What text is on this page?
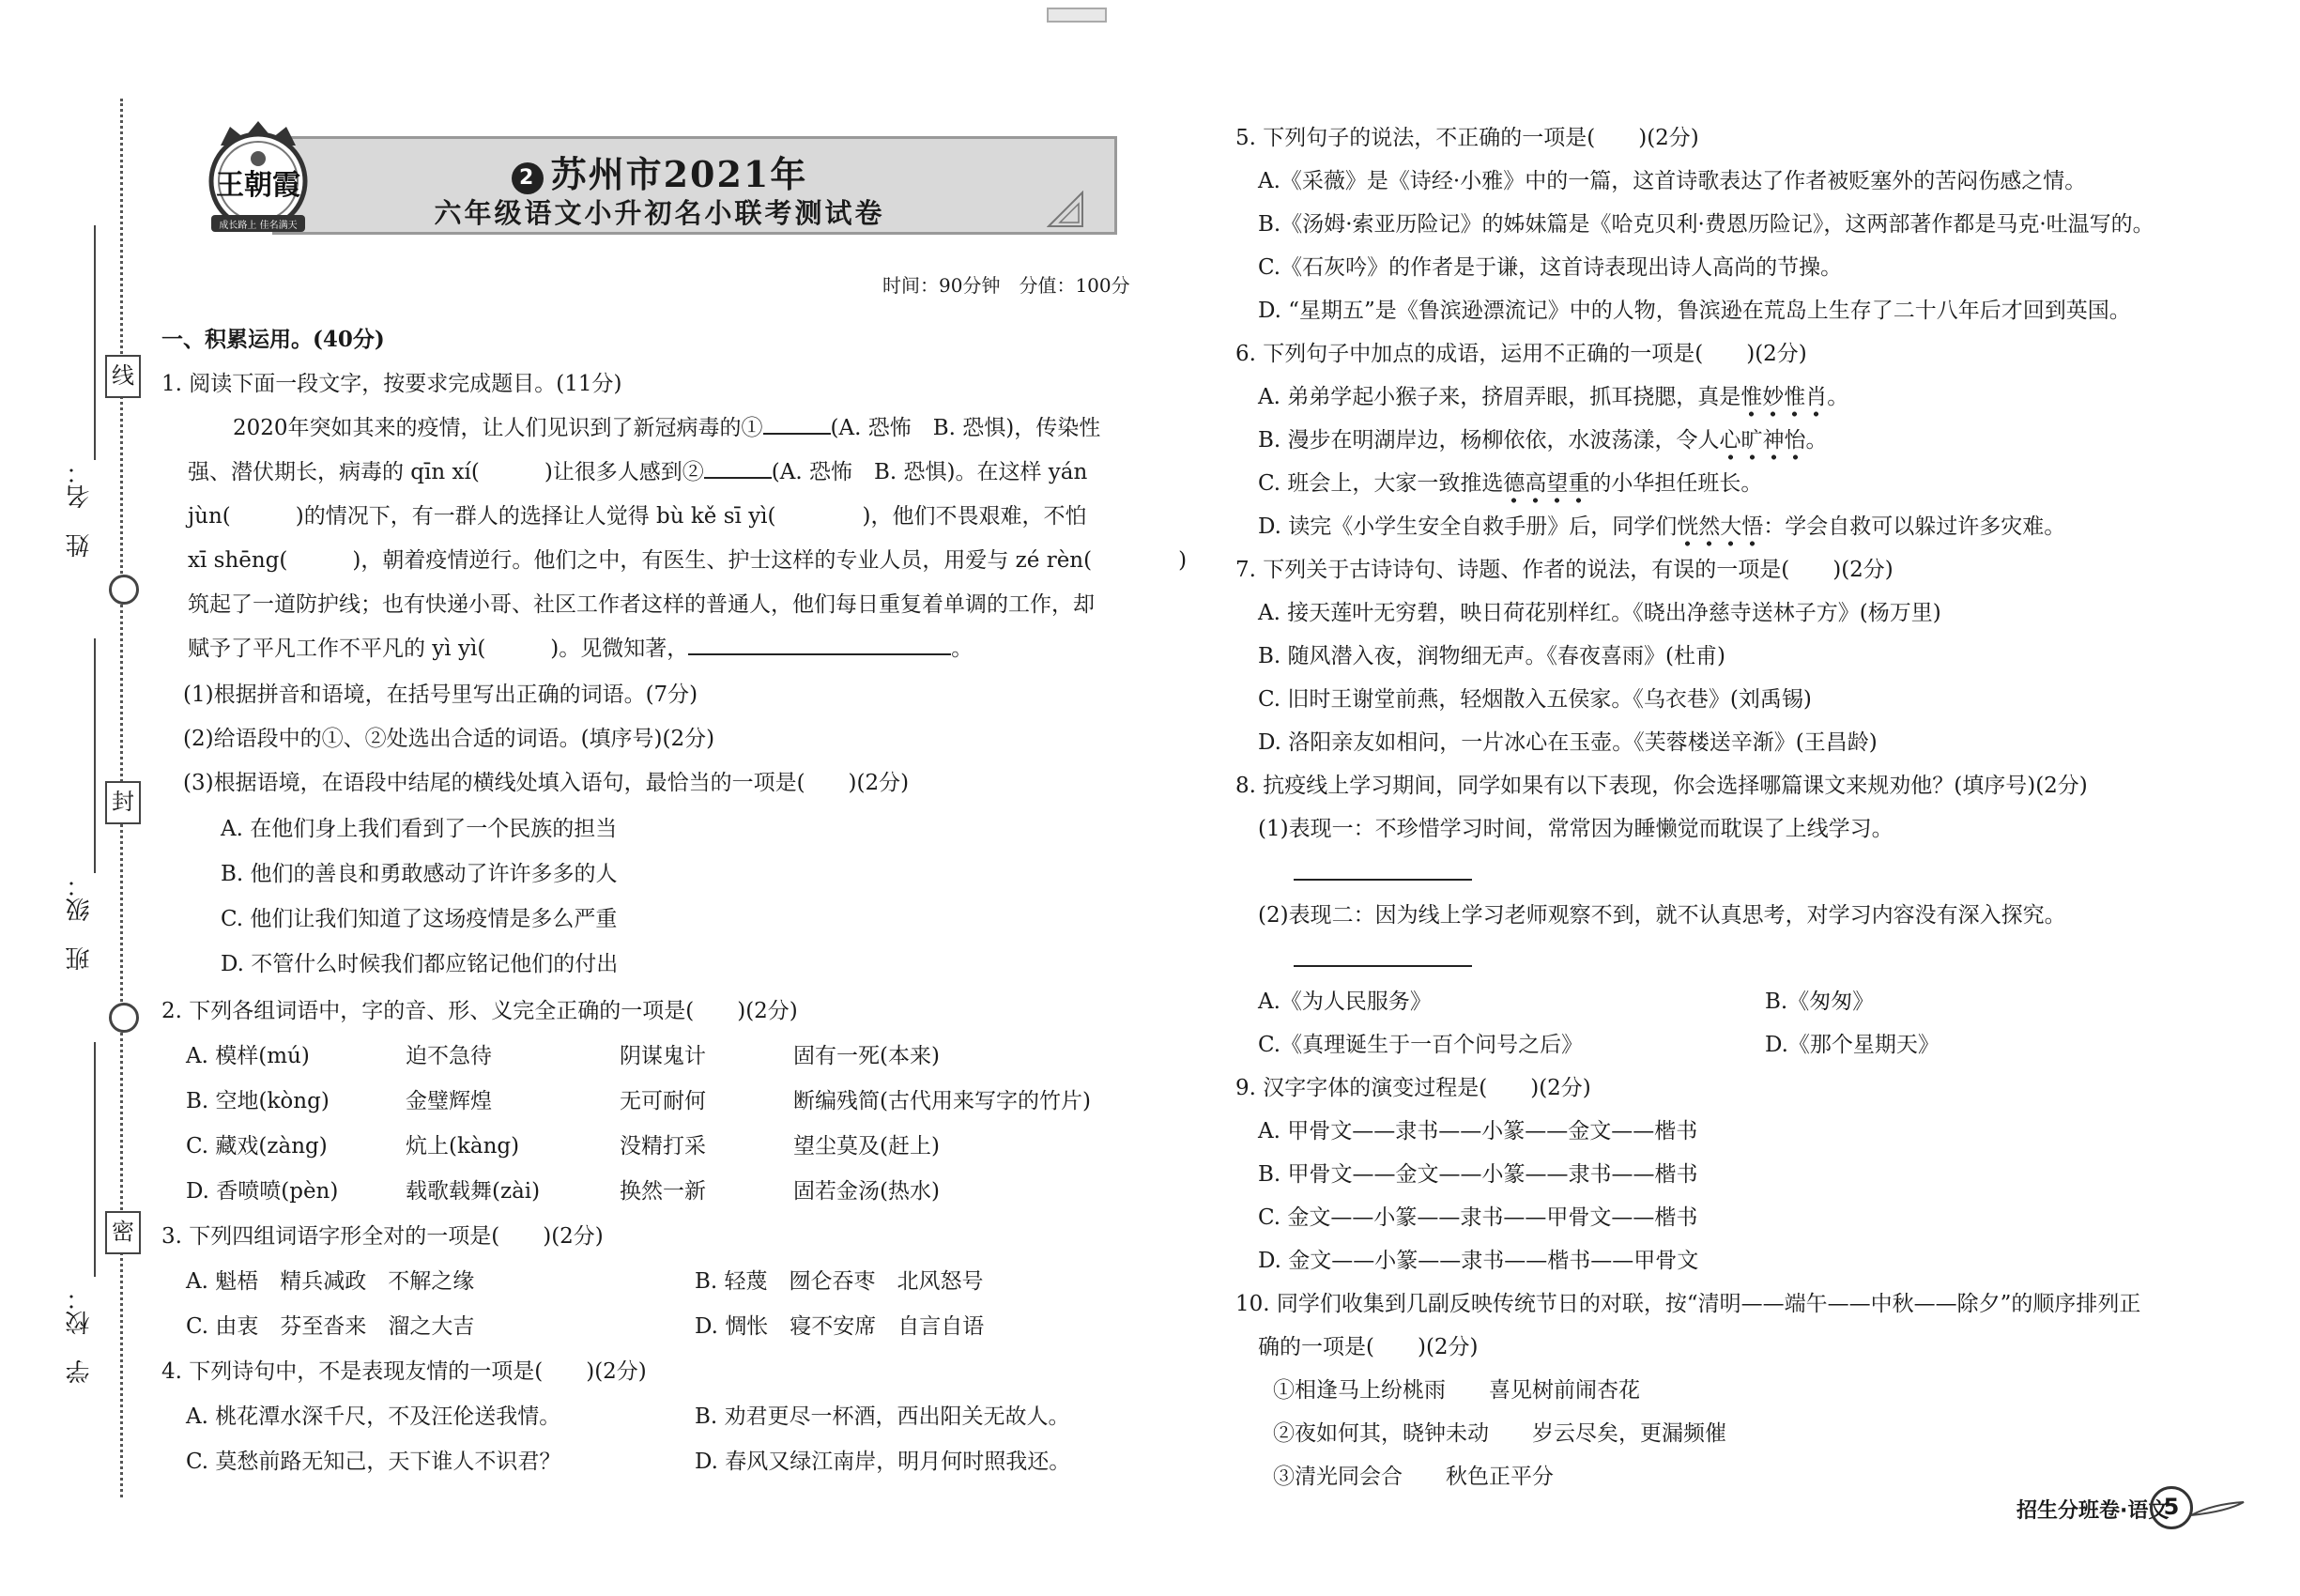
线
封
密
姓　名：
班　级：
学　校：
王朝霞
成长路上 佳名满天
2 苏州市2021年
六年级语文小升初名小联考测试卷
时间：90分钟　分值：100分
一、积累运用。(40分)
1. 阅读下面一段文字，按要求完成题目。(11分)
2020年突如其来的疫情，让人们见识到了新冠病毒的①	(A. 恐怖　B. 恐惧)，传染性
强、潜伏期长，病毒的 qīn xí(　　　)让很多人感到②	(A. 恐怖　B. 恐惧)。在这样 yán
jùn(　　　)的情况下，有一群人的选择让人觉得 bù kě sī yì(　　　　)，他们不畏艰难，不怕
xī shēng(　　　)，朝着疫情逆行。他们之中，有医生、护士这样的专业人员，用爱与 zé rèn(　　　　)
筑起了一道防护线；也有快递小哥、社区工作者这样的普通人，他们每日重复着单调的工作，却
赋予了平凡工作不平凡的 yì yì(　　　)。见微知著，	。
(1)根据拼音和语境，在括号里写出正确的词语。(7分)
(2)给语段中的①、②处选出合适的词语。(填序号)(2分)
(3)根据语境，在语段中结尾的横线处填入语句，最恰当的一项是(　　)(2分)
A. 在他们身上我们看到了一个民族的担当
B. 他们的善良和勇敢感动了许许多多的人
C. 他们让我们知道了这场疫情是多么严重
D. 不管什么时候我们都应铭记他们的付出
2. 下列各组词语中，字的音、形、义完全正确的一项是(　　)(2分)
A. 模样(mú)	迫不急待	阴谋鬼计	固有一死(本来)
B. 空地(kòng)	金璧辉煌	无可耐何	断编残简(古代用来写字的竹片)
C. 藏戏(zàng)	炕上(kàng)	没精打采	望尘莫及(赶上)
D. 香喷喷(pèn)	载歌载舞(zài)	换然一新	固若金汤(热水)
3. 下列四组词语字形全对的一项是(　　)(2分)
A. 魁梧　精兵减政　不解之缘	B. 轻蔑　囫仑吞枣　北风怒号
C. 由衷　芬至沓来　溜之大吉	D. 惆怅　寝不安席　自言自语
4. 下列诗句中，不是表现友情的一项是(　　)(2分)
A. 桃花潭水深千尺，不及汪伦送我情。	B. 劝君更尽一杯酒，西出阳关无故人。
C. 莫愁前路无知己，天下谁人不识君？	D. 春风又绿江南岸，明月何时照我还。
5. 下列句子的说法，不正确的一项是(　　)(2分)
A.《采薇》是《诗经·小雅》中的一篇，这首诗歌表达了作者被贬塞外的苦闷伤感之情。
B.《汤姆·索亚历险记》的姊妹篇是《哈克贝利·费恩历险记》，这两部著作都是马克·吐温写的。
C.《石灰吟》的作者是于谦，这首诗表现出诗人高尚的节操。
D. “星期五”是《鲁滨逊漂流记》中的人物，鲁滨逊在荒岛上生存了二十八年后才回到英国。
6. 下列句子中加点的成语，运用不正确的一项是(　　)(2分)
A. 弟弟学起小猴子来，挤眉弄眼，抓耳挠腮，真是惟妙惟肖。
B. 漫步在明湖岸边，杨柳依依，水波荡漾，令人心旷神怡。
C. 班会上，大家一致推选德高望重的小华担任班长。
D. 读完《小学生安全自救手册》后，同学们恍然大悟：学会自救可以躲过许多灾难。
7. 下列关于古诗诗句、诗题、作者的说法，有误的一项是(　　)(2分)
A. 接天莲叶无穷碧，映日荷花别样红。《晓出净慈寺送林子方》(杨万里)
B. 随风潜入夜，润物细无声。《春夜喜雨》(杜甫)
C. 旧时王谢堂前燕，轻烟散入五侯家。《乌衣巷》(刘禹锡)
D. 洛阳亲友如相问，一片冰心在玉壶。《芙蓉楼送辛渐》(王昌龄)
8. 抗疫线上学习期间，同学如果有以下表现，你会选择哪篇课文来规劝他？(填序号)(2分)
(1)表现一：不珍惜学习时间，常常因为睡懒觉而耽误了上线学习。
(2)表现二：因为线上学习老师观察不到，就不认真思考，对学习内容没有深入探究。
A.《为人民服务》	B.《匆匆》
C.《真理诞生于一百个问号之后》	D.《那个星期天》
9. 汉字字体的演变过程是(　　)(2分)
A. 甲骨文——隶书——小篆——金文——楷书
B. 甲骨文——金文——小篆——隶书——楷书
C. 金文——小篆——隶书——甲骨文——楷书
D. 金文——小篆——隶书——楷书——甲骨文
10. 同学们收集到几副反映传统节日的对联，按“清明——端午——中秋——除夕”的顺序排列正
确的一项是(　　)(2分)
①相逢马上纷桃雨　　喜见树前闹杏花
②夜如何其，晓钟未动　　岁云尽矣，更漏频催
③清光同会合　　秋色正平分
招生分班卷·语文
5
